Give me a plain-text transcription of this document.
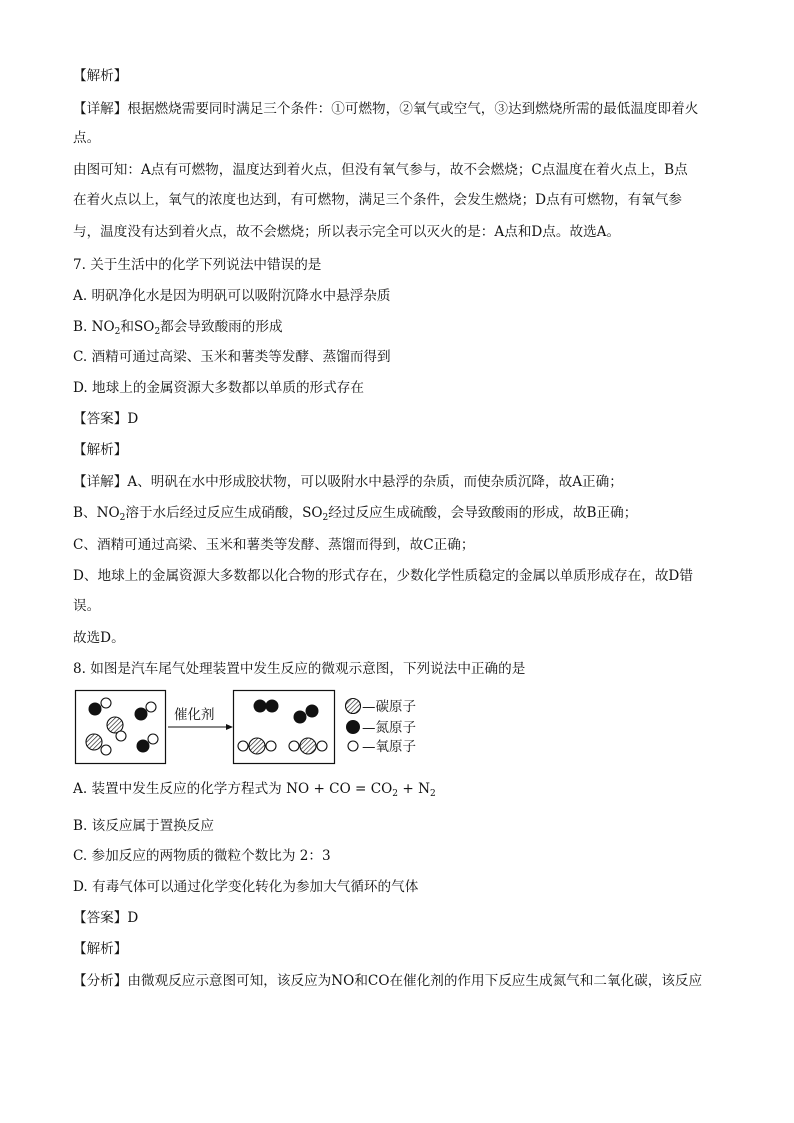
【解析】
【详解】根据燃烧需要同时满足三个条件：①可燃物，②氧气或空气，③达到燃烧所需的最低温度即着火
点。
由图可知：A点有可燃物，温度达到着火点，但没有氧气参与，故不会燃烧；C点温度在着火点上，B点
在着火点以上，氧气的浓度也达到，有可燃物，满足三个条件，会发生燃烧；D点有可燃物，有氧气参
与，温度没有达到着火点，故不会燃烧；所以表示完全可以灭火的是：A点和D点。故选A。
7. 关于生活中的化学下列说法中错误的是
A. 明矾净化水是因为明矾可以吸附沉降水中悬浮杂质
B. $NO_2$和$SO_2$都会导致酸雨的形成
C. 酒精可通过高梁、玉米和薯类等发酵、蒸馏而得到
D. 地球上的金属资源大多数都以单质的形式存在
【答案】D
【解析】
【详解】A、明矾在水中形成胶状物，可以吸附水中悬浮的杂质，而使杂质沉降，故A正确；
B、$NO_2$溶于水后经过反应生成硝酸，$SO_2$经过反应生成硫酸，会导致酸雨的形成，故B正确；
C、酒精可通过高梁、玉米和薯类等发酵、蒸馏而得到，故C正确；
D、地球上的金属资源大多数都以化合物的形式存在，少数化学性质稳定的金属以单质形成存在，故D错
误。
故选D。
8. 如图是汽车尾气处理装置中发生反应的微观示意图，下列说法中正确的是
催化剂	—碳原子
—氮原子
—氧原子
A. 装置中发生反应的化学方程式为 NO + CO = $CO_2 + N_2$
B. 该反应属于置换反应
C. 参加反应的两物质的微粒个数比为 2：3
D. 有毒气体可以通过化学变化转化为参加大气循环的气体
【答案】D
【解析】
【分析】由微观反应示意图可知，该反应为NO和CO在催化剂的作用下反应生成氮气和二氧化碳，该反应
